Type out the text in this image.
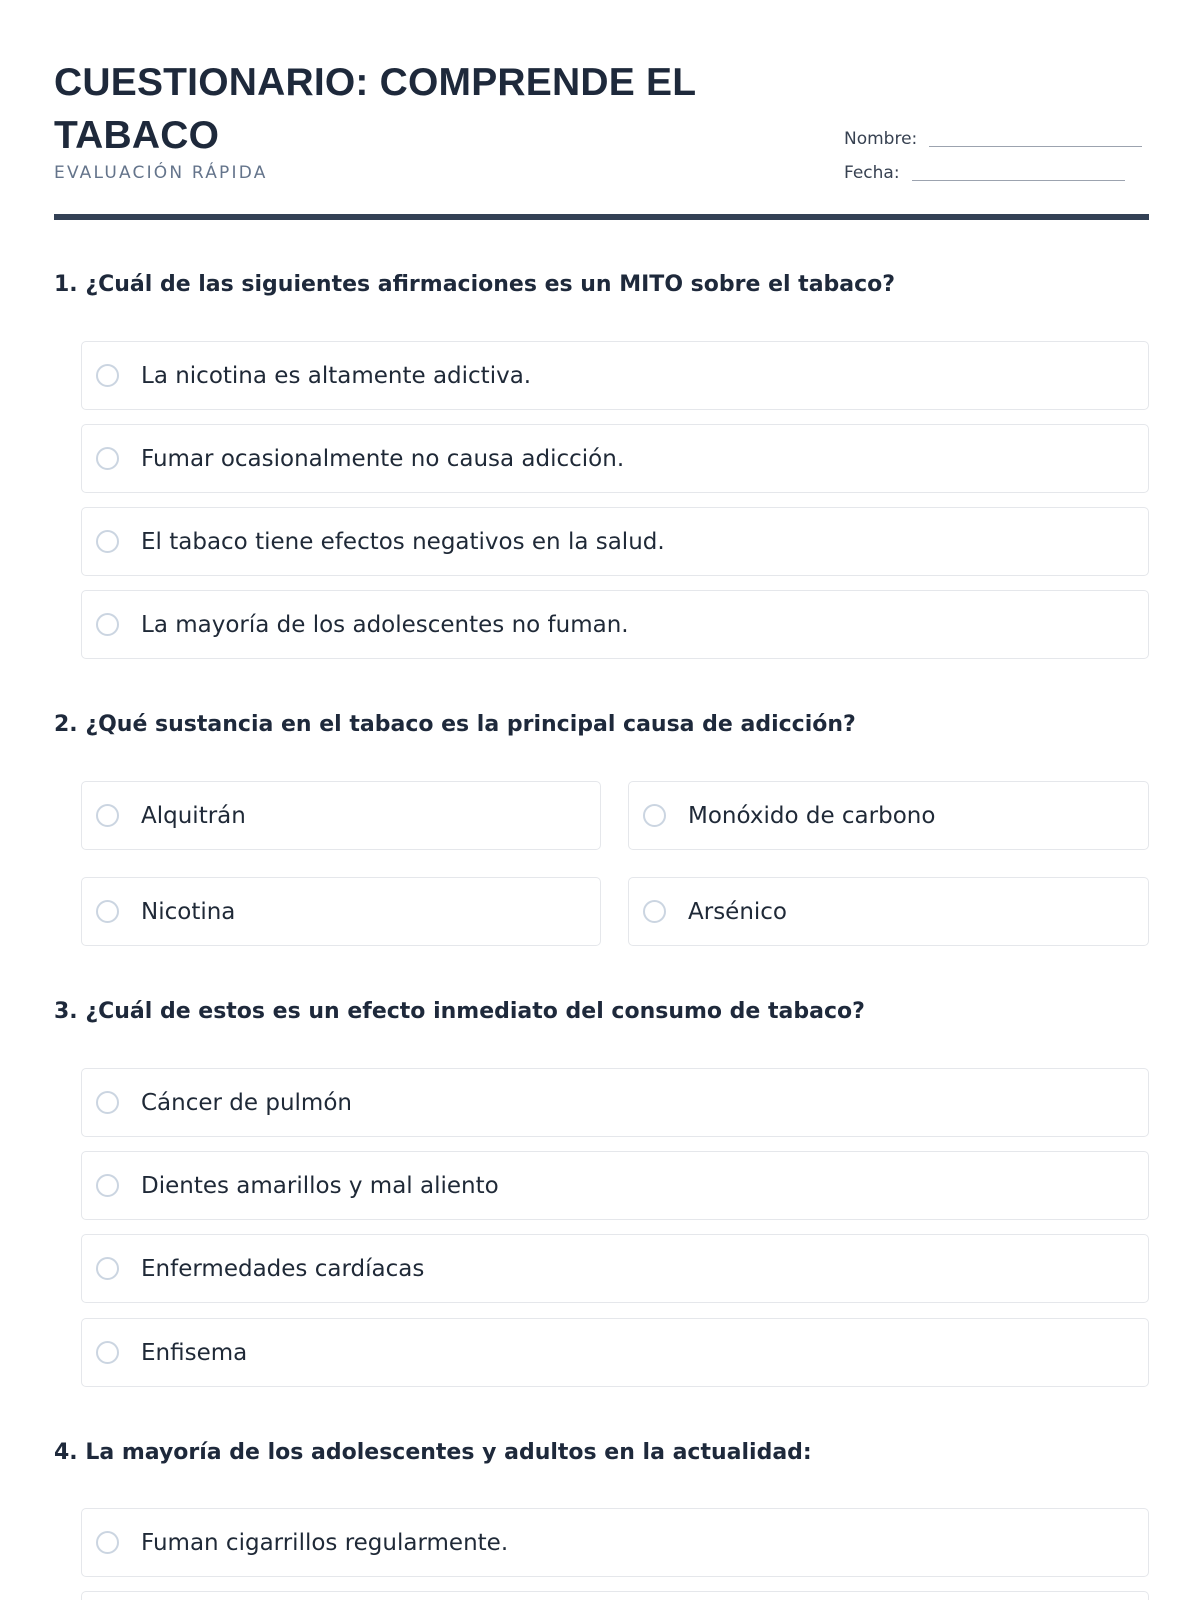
CUESTIONARIO: COMPRENDE EL TABACO
EVALUACIÓN RÁPIDA
Nombre:
Fecha:
1. ¿Cuál de las siguientes afirmaciones es un MITO sobre el tabaco?
La nicotina es altamente adictiva.
Fumar ocasionalmente no causa adicción.
El tabaco tiene efectos negativos en la salud.
La mayoría de los adolescentes no fuman.
2. ¿Qué sustancia en el tabaco es la principal causa de adicción?
Alquitrán	Monóxido de carbono
Nicotina	Arsénico
3. ¿Cuál de estos es un efecto inmediato del consumo de tabaco?
Cáncer de pulmón
Dientes amarillos y mal aliento
Enfermedades cardíacas
Enfisema
4. La mayoría de los adolescentes y adultos en la actualidad:
Fuman cigarrillos regularmente.
